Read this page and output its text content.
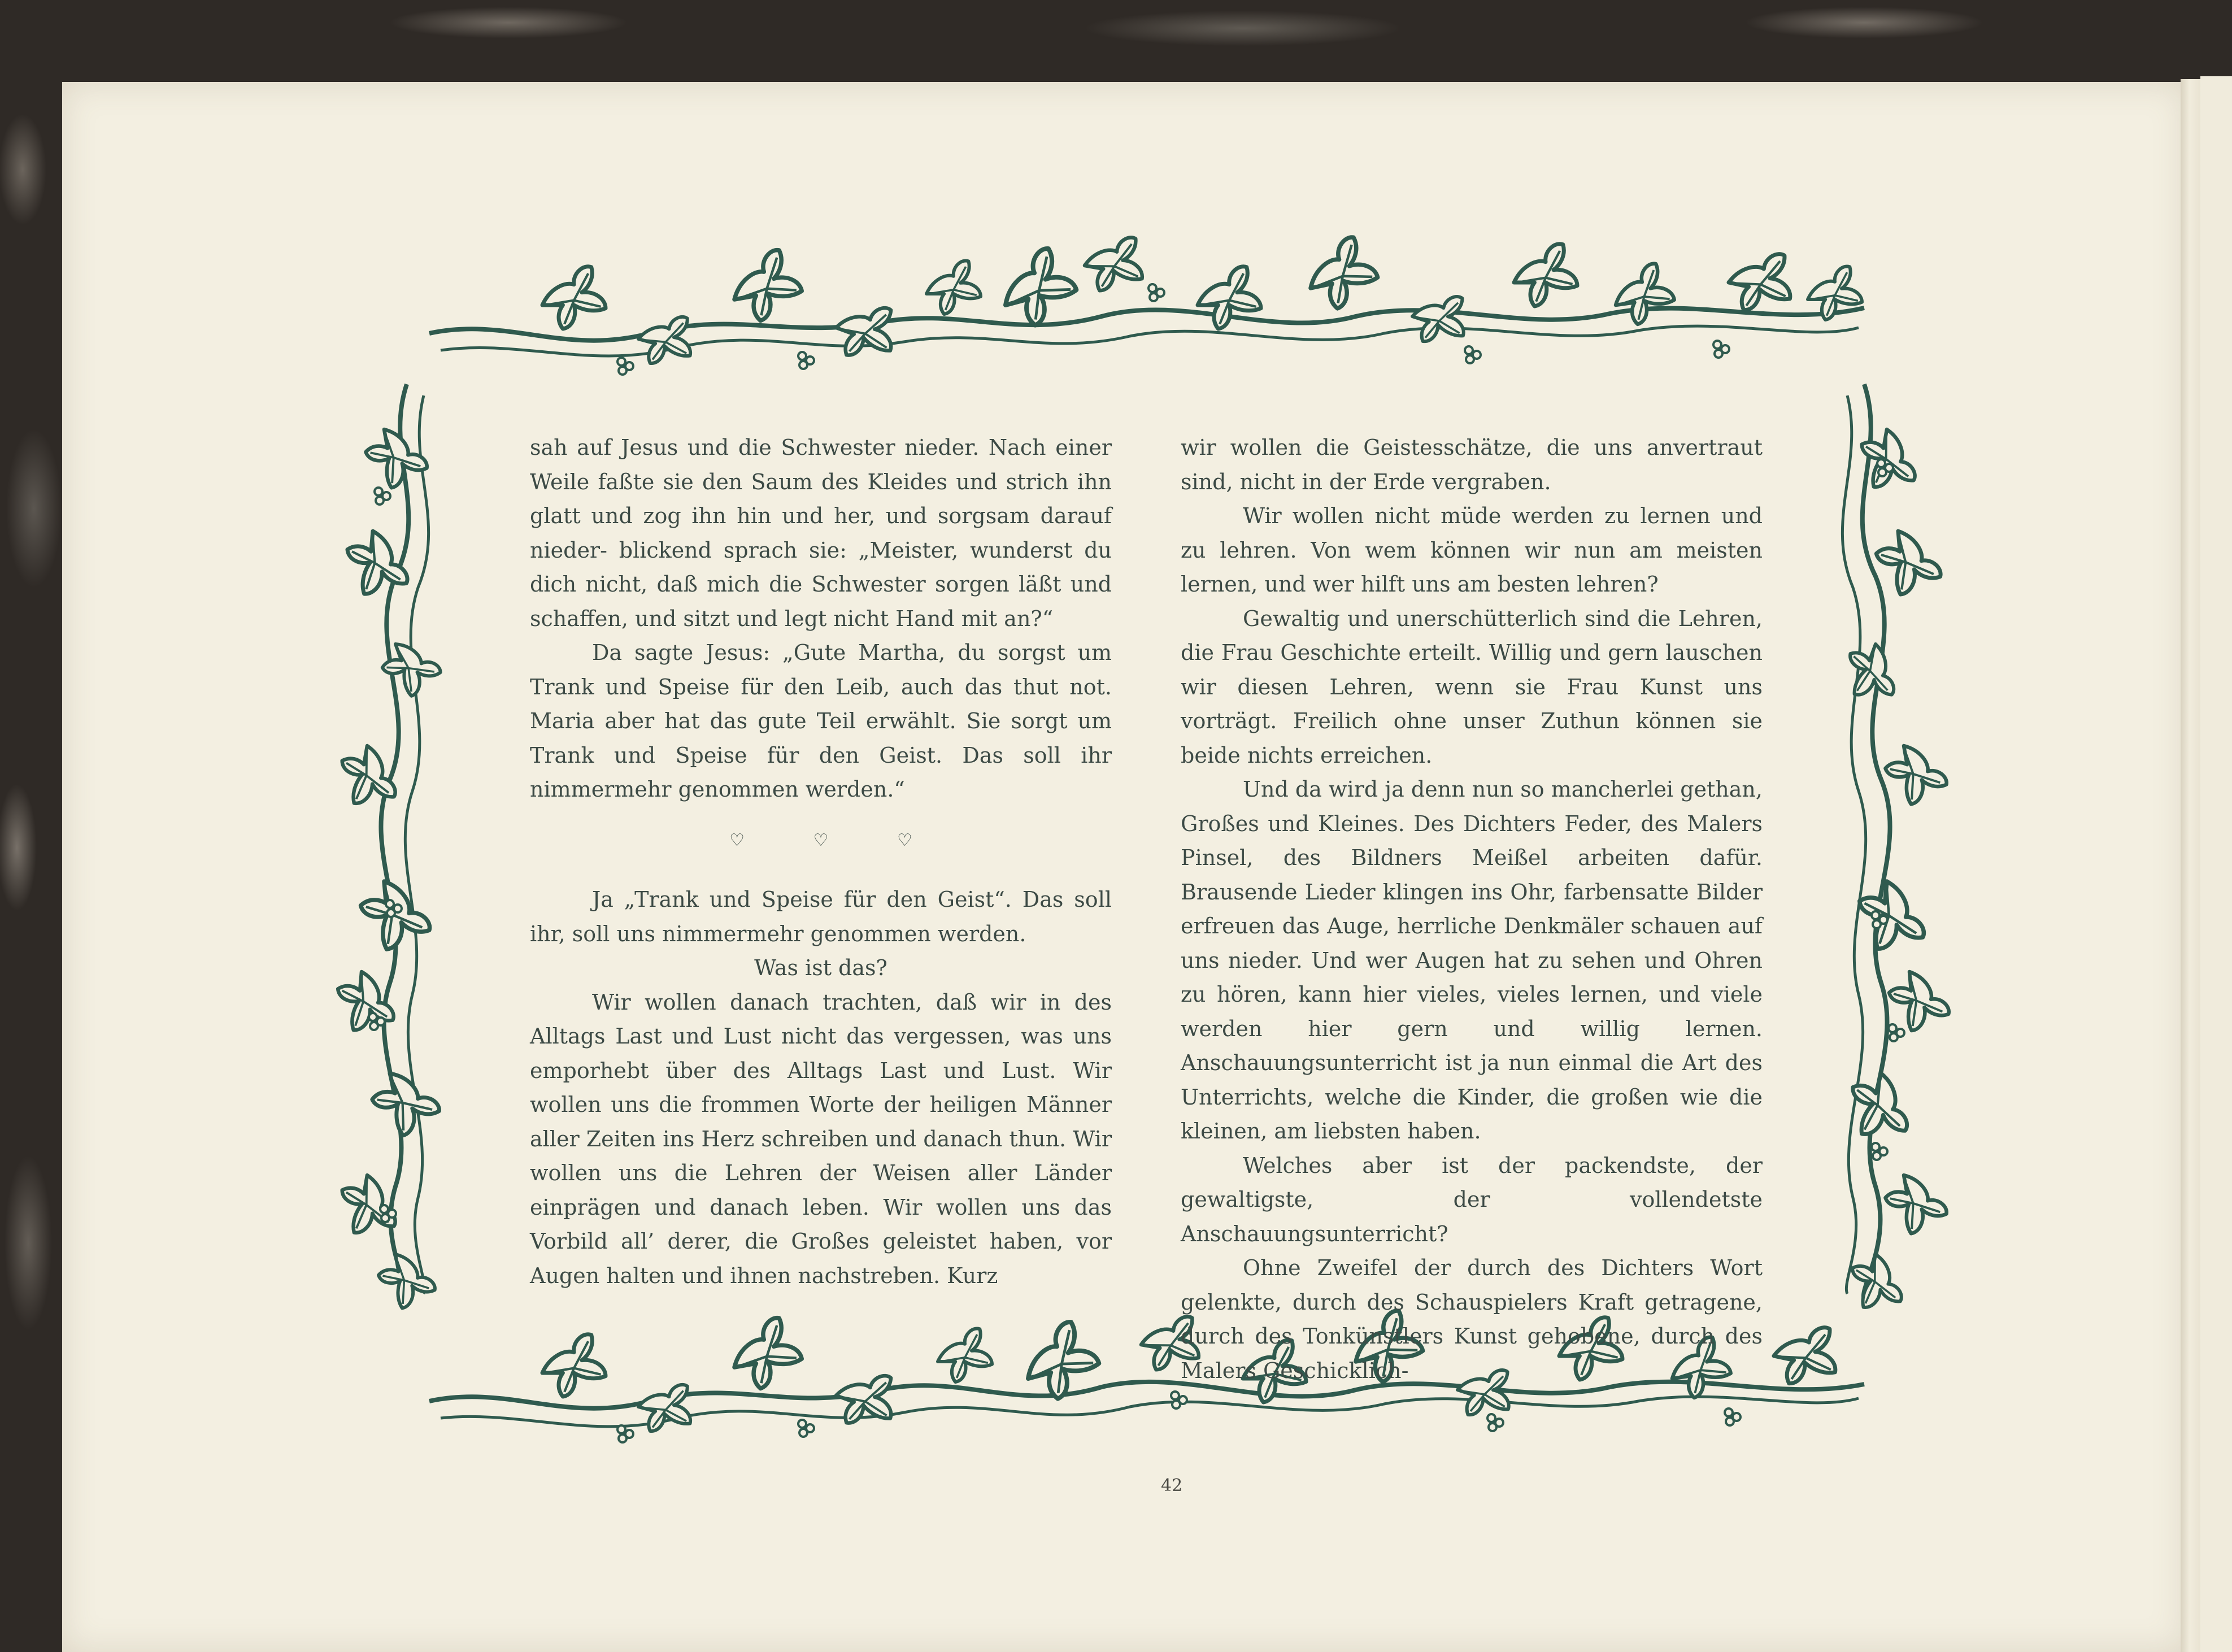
sah auf Jesus und die Schwester nieder. Nach einer Weile faßte sie den Saum des Kleides und strich ihn glatt und zog ihn hin und her, und sorgsam darauf nieder- blickend sprach sie: „Meister, wunderst du dich nicht, daß mich die Schwester sorgen läßt und schaffen, und sitzt und legt nicht Hand mit an?“

Da sagte Jesus: „Gute Martha, du sorgst um Trank und Speise für den Leib, auch das thut not. Maria aber hat das gute Teil erwählt. Sie sorgt um Trank und Speise für den Geist. Das soll ihr nimmermehr genommen werden.“

♡ ♡ ♡

Ja „Trank und Speise für den Geist“. Das soll ihr, soll uns nimmermehr genommen werden.

Was ist das?

Wir wollen danach trachten, daß wir in des Alltags Last und Lust nicht das vergessen, was uns emporhebt über des Alltags Last und Lust. Wir wollen uns die frommen Worte der heiligen Männer aller Zeiten ins Herz schreiben und danach thun. Wir wollen uns die Lehren der Weisen aller Länder einprägen und danach leben. Wir wollen uns das Vorbild all’ derer, die Großes geleistet haben, vor Augen halten und ihnen nachstreben. Kurz

wir wollen die Geistesschätze, die uns anvertraut sind, nicht in der Erde vergraben.

Wir wollen nicht müde werden zu lernen und zu lehren. Von wem können wir nun am meisten lernen, und wer hilft uns am besten lehren?

Gewaltig und unerschütterlich sind die Lehren, die Frau Geschichte erteilt. Willig und gern lauschen wir diesen Lehren, wenn sie Frau Kunst uns vorträgt. Freilich ohne unser Zuthun können sie beide nichts erreichen.

Und da wird ja denn nun so mancherlei gethan, Großes und Kleines. Des Dichters Feder, des Malers Pinsel, des Bildners Meißel arbeiten dafür. Brausende Lieder klingen ins Ohr, farbensatte Bilder erfreuen das Auge, herrliche Denkmäler schauen auf uns nieder. Und wer Augen hat zu sehen und Ohren zu hören, kann hier vieles, vieles lernen, und viele werden hier gern und willig lernen. Anschauungsunterricht ist ja nun einmal die Art des Unterrichts, welche die Kinder, die großen wie die kleinen, am liebsten haben.

Welches aber ist der packendste, der gewaltigste, der vollendetste Anschauungsunterricht?

Ohne Zweifel der durch des Dichters Wort gelenkte, durch des Schauspielers Kraft getragene, durch des Tonkünstlers Kunst gehobene, durch des Malers Geschicklich-

42
